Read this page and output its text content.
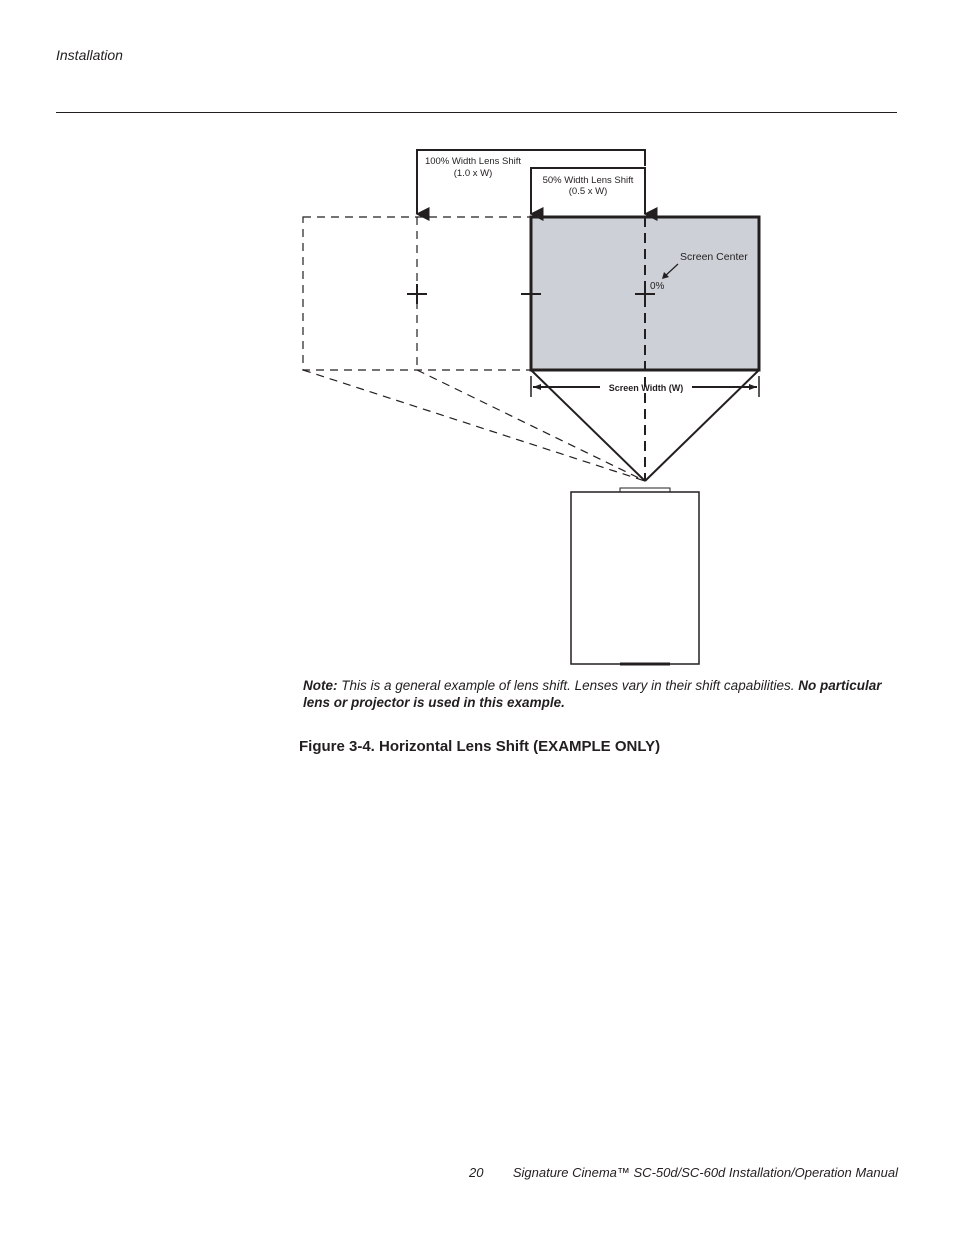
Installation
100% Width Lens Shift
(1.0 x W)
50% Width Lens Shift
(0.5 x W)
Screen Center
0%
Screen Width (W)
Note: This is a general example of lens shift. Lenses vary in their shift capabilities. No particular lens or projector is used in this example.
Figure 3-4. Horizontal Lens Shift (EXAMPLE ONLY)
20 Signature Cinema™ SC-50d/SC-60d Installation/Operation Manual
